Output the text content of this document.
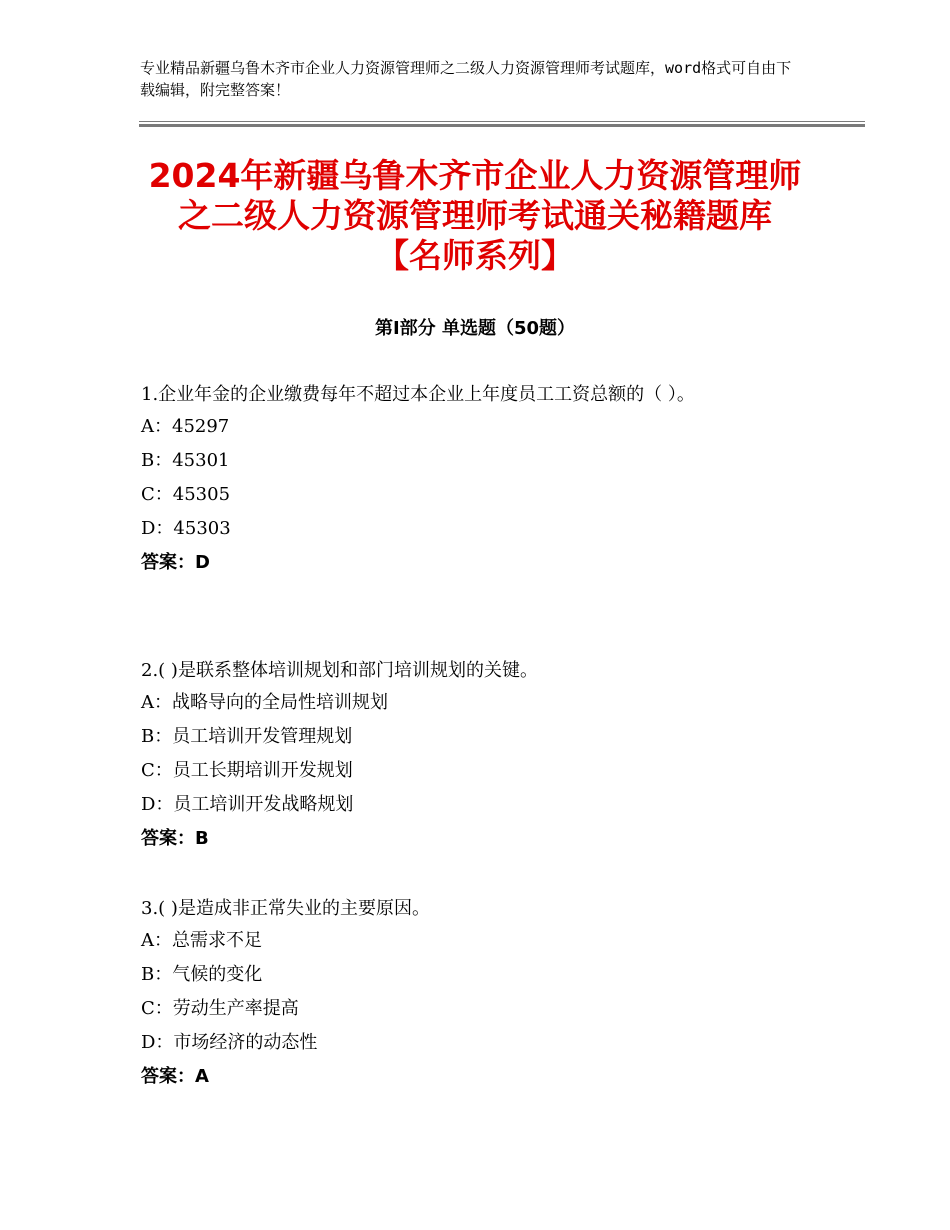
专业精品新疆乌鲁木齐市企业人力资源管理师之二级人力资源管理师考试题库，word格式可自由下载编辑，附完整答案！
2024年新疆乌鲁木齐市企业人力资源管理师
之二级人力资源管理师考试通关秘籍题库
【名师系列】
第Ⅰ部分 单选题（50题）

1.企业年金的企业缴费每年不超过本企业上年度员工工资总额的（ ）。

A：45297

B：45301

C：45305

D：45303

答案：D

2.( )是联系整体培训规划和部门培训规划的关键。

A：战略导向的全局性培训规划

B：员工培训开发管理规划

C：员工长期培训开发规划

D：员工培训开发战略规划

答案：B

3.( )是造成非正常失业的主要原因。

A：总需求不足

B：气候的变化

C：劳动生产率提高

D：市场经济的动态性

答案：A
